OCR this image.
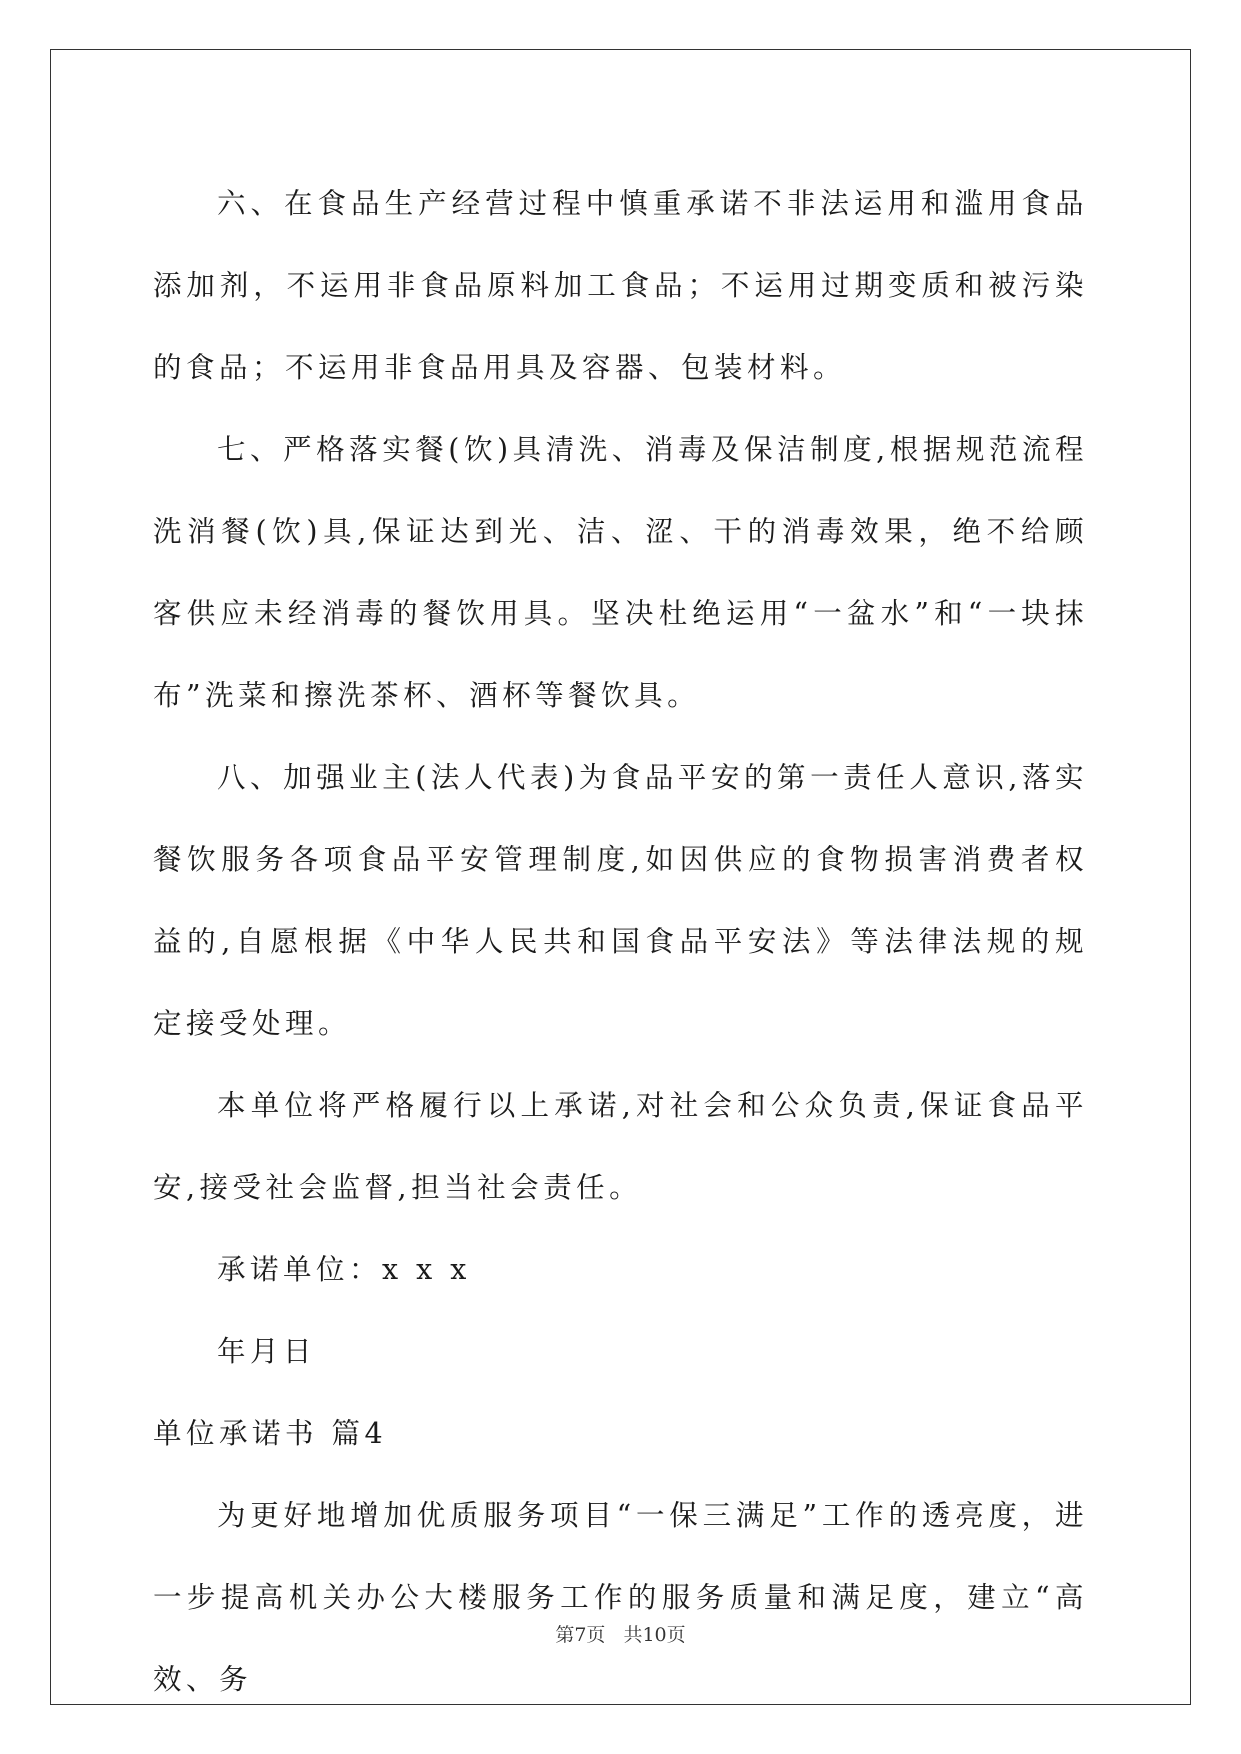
六、在食品生产经营过程中慎重承诺不非法运用和滥用食品添加剂，不运用非食品原料加工食品；不运用过期变质和被污染的食品；不运用非食品用具及容器、包装材料。

七、严格落实餐(饮)具清洗、消毒及保洁制度,根据规范流程洗消餐(饮)具,保证达到光、洁、涩、干的消毒效果，绝不给顾客供应未经消毒的餐饮用具。坚决杜绝运用“一盆水”和“一块抹布”洗菜和擦洗茶杯、酒杯等餐饮具。

八、加强业主(法人代表)为食品平安的第一责任人意识,落实餐饮服务各项食品平安管理制度,如因供应的食物损害消费者权益的,自愿根据《中华人民共和国食品平安法》等法律法规的规定接受处理。

本单位将严格履行以上承诺,对社会和公众负责,保证食品平安,接受社会监督,担当社会责任。

承诺单位：x x x

年月日

单位承诺书 篇4

为更好地增加优质服务项目“一保三满足”工作的透亮度，进一步提高机关办公大楼服务工作的服务质量和满足度，建立“高效、务

第7页 共10页
